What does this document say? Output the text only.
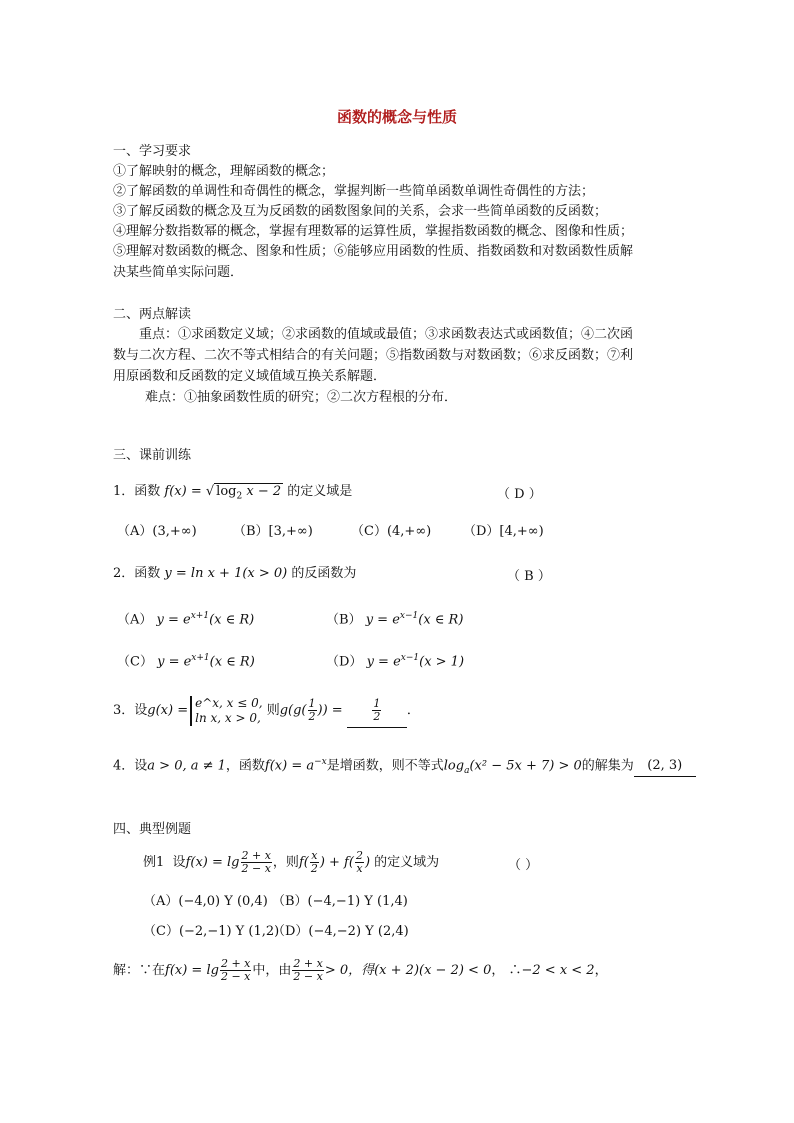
函数的概念与性质
一、学习要求
①了解映射的概念，理解函数的概念；
②了解函数的单调性和奇偶性的概念，掌握判断一些简单函数单调性奇偶性的方法；
③了解反函数的概念及互为反函数的函数图象间的关系，会求一些简单函数的反函数；
④理解分数指数幂的概念，掌握有理数幂的运算性质，掌握指数函数的概念、图像和性质；
⑤理解对数函数的概念、图象和性质；⑥能够应用函数的性质、指数函数和对数函数性质解
决某些简单实际问题．
二、两点解读
重点：①求函数定义域；②求函数的值域或最值；③求函数表达式或函数值；④二次函
数与二次方程、二次不等式相结合的有关问题；⑤指数函数与对数函数；⑥求反函数；⑦利
用原函数和反函数的定义域值域互换关系解题．
难点：①抽象函数性质的研究；②二次方程根的分布．
三、课前训练
1．函数 f(x) = √ $\log_2 x - 2$ 的定义域是	（ D ）
（A）(3,+∞)	（B）[3,+∞)	（C）(4,+∞) （D）[4,+∞)
2．函数 y = ln x + 1(x > 0) 的反函数为	（ B ）
（A） $y = e^{x+1}(x$ ∈ R)	（B） $y = e^{x-1}(x$ ∈ R)
（C） $y = e^{x+1}(x$ ∈ R)	（D） $y = e^{x-1}(x > 1)$
3．设g(x) =
e^x, x ≤ 0,
ln x, x > 0, 则$g(g( \frac{1}{2}$ )) =	$\frac{1}{2}$ ．
4．设a > 0, a ≠ 1，函数$f(x) = a^{-x}$是增函数，则不等式$\log_a(x^2 - 5x + 7) > 0$的解集为 (2, 3)
四、典型例题
例1 设$f(x) = \lg \frac{2 + x}{2 - x}$ ，则$f( \frac{x}{2}$ ) + $f( \frac{2}{x}$ ) 的定义域为	（ ）
（A）(−4,0) Y (0,4) （B）(−4,−1) Y (1,4)
（C）(−2,−1) Y (1,2)
（D）(−4,−2) Y (2,4)
解：∵在$f(x) = \lg \frac{2 + x}{2 - x}$ 中，由 $\frac{2 + x}{2 - x} > 0$，得(x + 2)(x − 2) < 0， ∴−2 < x < 2，
